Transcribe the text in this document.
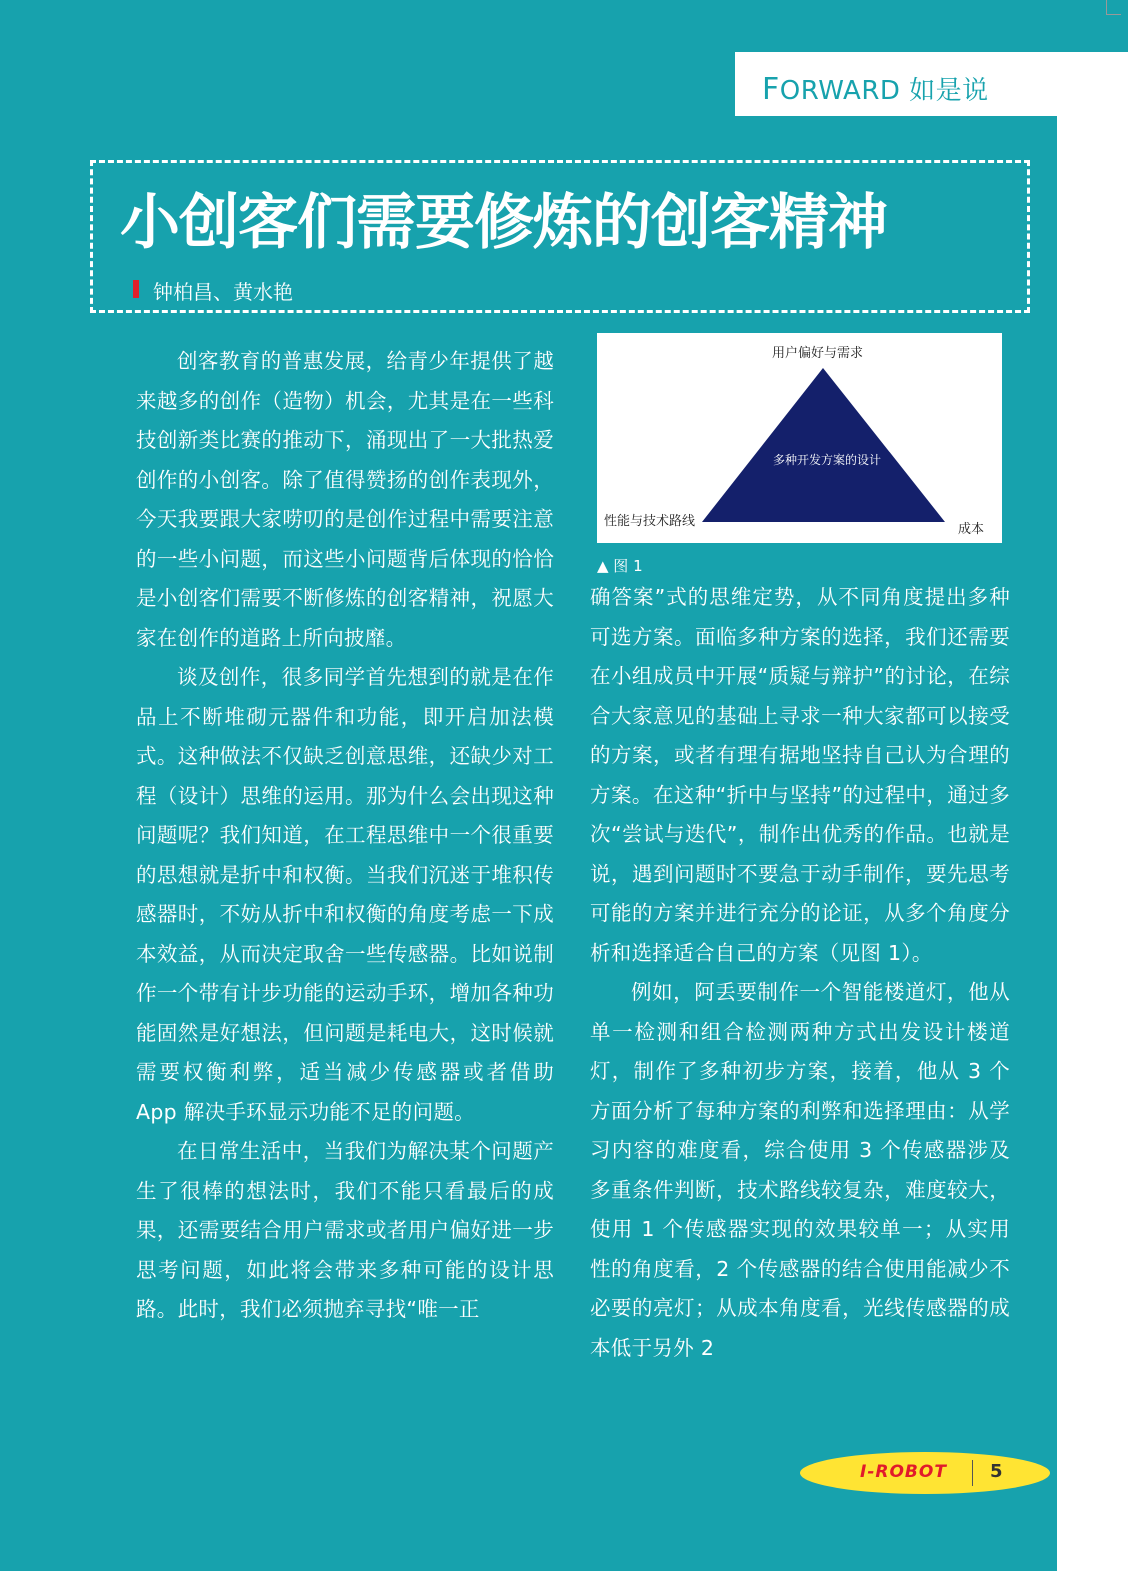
FORWARD 如是说
小创客们需要修炼的创客精神
钟柏昌、黄水艳

创客教育的普惠发展，给青少年提供了越来越多的创作（造物）机会，尤其是在一些科技创新类比赛的推动下，涌现出了一大批热爱创作的小创客。除了值得赞扬的创作表现外，今天我要跟大家唠叨的是创作过程中需要注意的一些小问题，而这些小问题背后体现的恰恰是小创客们需要不断修炼的创客精神，祝愿大家在创作的道路上所向披靡。

谈及创作，很多同学首先想到的就是在作品上不断堆砌元器件和功能，即开启加法模式。这种做法不仅缺乏创意思维，还缺少对工程（设计）思维的运用。那为什么会出现这种问题呢？我们知道，在工程思维中一个很重要的思想就是折中和权衡。当我们沉迷于堆积传感器时，不妨从折中和权衡的角度考虑一下成本效益，从而决定取舍一些传感器。比如说制作一个带有计步功能的运动手环，增加各种功能固然是好想法，但问题是耗电大，这时候就需要权衡利弊，适当减少传感器或者借助 App 解决手环显示功能不足的问题。

在日常生活中，当我们为解决某个问题产生了很棒的想法时，我们不能只看最后的成果，还需要结合用户需求或者用户偏好进一步思考问题，如此将会带来多种可能的设计思路。此时，我们必须抛弃寻找“唯一正

用户偏好与需求
性能与技术路线
成本
多种开发方案的设计
▲ 图 1

确答案”式的思维定势，从不同角度提出多种可选方案。面临多种方案的选择，我们还需要在小组成员中开展“质疑与辩护”的讨论，在综合大家意见的基础上寻求一种大家都可以接受的方案，或者有理有据地坚持自己认为合理的方案。在这种“折中与坚持”的过程中，通过多次“尝试与迭代”，制作出优秀的作品。也就是说，遇到问题时不要急于动手制作，要先思考可能的方案并进行充分的论证，从多个角度分析和选择适合自己的方案（见图 1）。

例如，阿丢要制作一个智能楼道灯，他从单一检测和组合检测两种方式出发设计楼道灯，制作了多种初步方案，接着，他从 3 个方面分析了每种方案的利弊和选择理由：从学习内容的难度看，综合使用 3 个传感器涉及多重条件判断，技术路线较复杂，难度较大，使用 1 个传感器实现的效果较单一；从实用性的角度看，2 个传感器的结合使用能减少不必要的亮灯；从成本角度看，光线传感器的成本低于另外 2

I-ROBOT 5
